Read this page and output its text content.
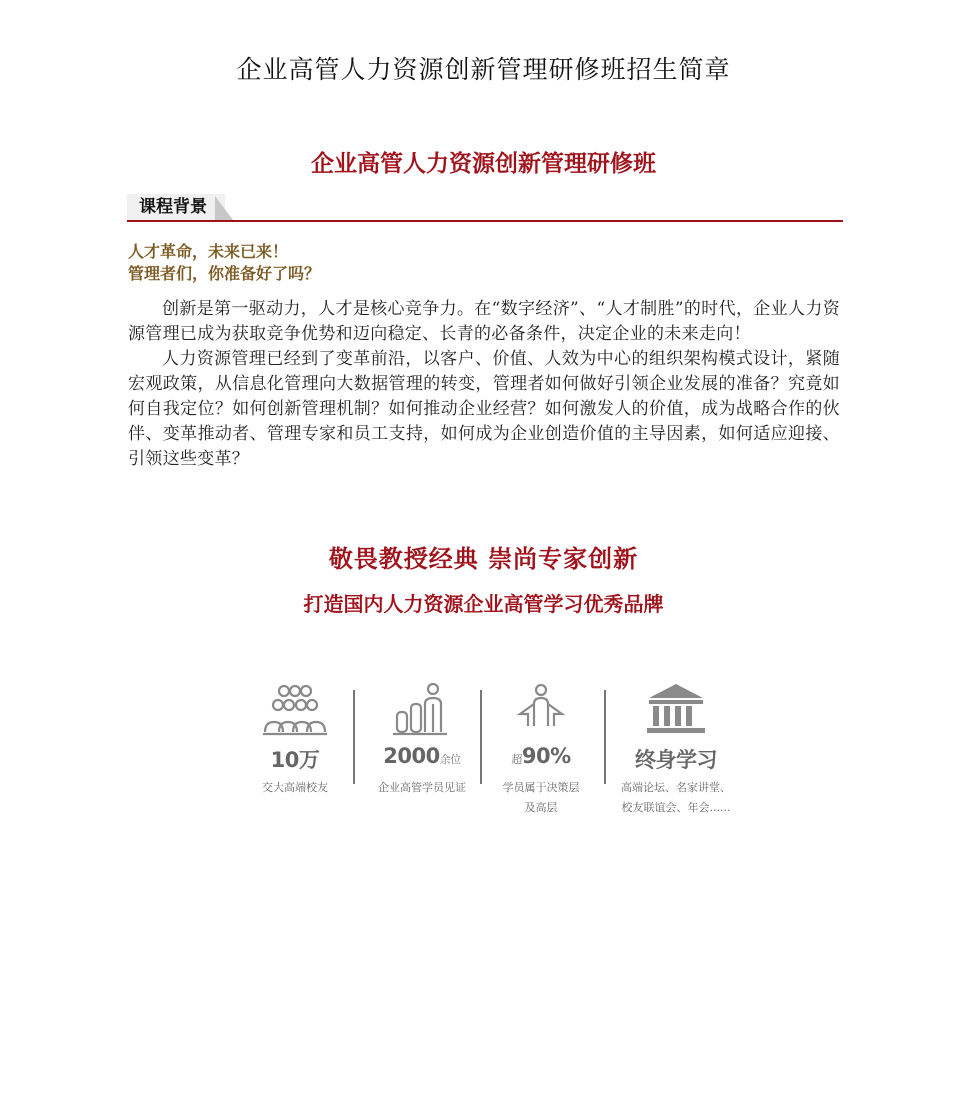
企业高管人力资源创新管理研修班招生简章
企业高管人力资源创新管理研修班
课程背景
人才革命，未来已来！
管理者们，你准备好了吗？

创新是第一驱动力，人才是核心竞争力。在“数字经济”、“人才制胜”的时代，企业人力资源管理已成为获取竞争优势和迈向稳定、长青的必备条件，决定企业的未来走向！

人力资源管理已经到了变革前沿，以客户、价值、人效为中心的组织架构模式设计，紧随宏观政策，从信息化管理向大数据管理的转变，管理者如何做好引领企业发展的准备？究竟如何自我定位？如何创新管理机制？如何推动企业经营？如何激发人的价值，成为战略合作的伙伴、变革推动者、管理专家和员工支持，如何成为企业创造价值的主导因素，如何适应迎接、引领这些变革？

敬畏教授经典 崇尚专家创新
打造国内人力资源企业高管学习优秀品牌
10万
交大高端校友
2000余位
企业高管学员见证
超90%
学员属于决策层
及高层
终身学习
高端论坛、名家讲堂、
校友联谊会、年会......
